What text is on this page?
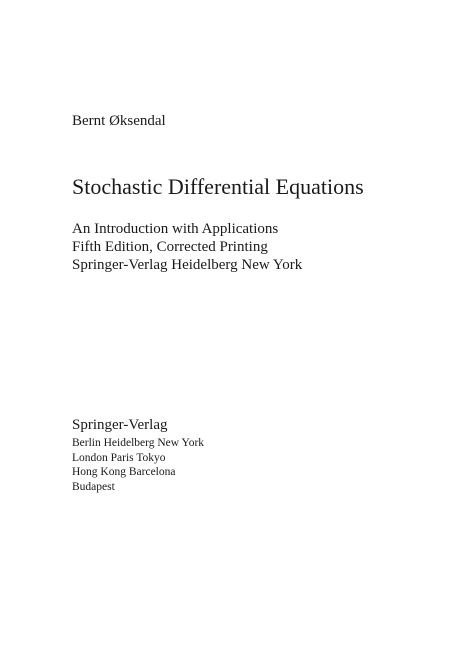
Bernt Øksendal
Stochastic Differential Equations
An Introduction with Applications
Fifth Edition, Corrected Printing
Springer-Verlag Heidelberg New York
Springer-Verlag
Berlin Heidelberg New York
London Paris Tokyo
Hong Kong Barcelona
Budapest
